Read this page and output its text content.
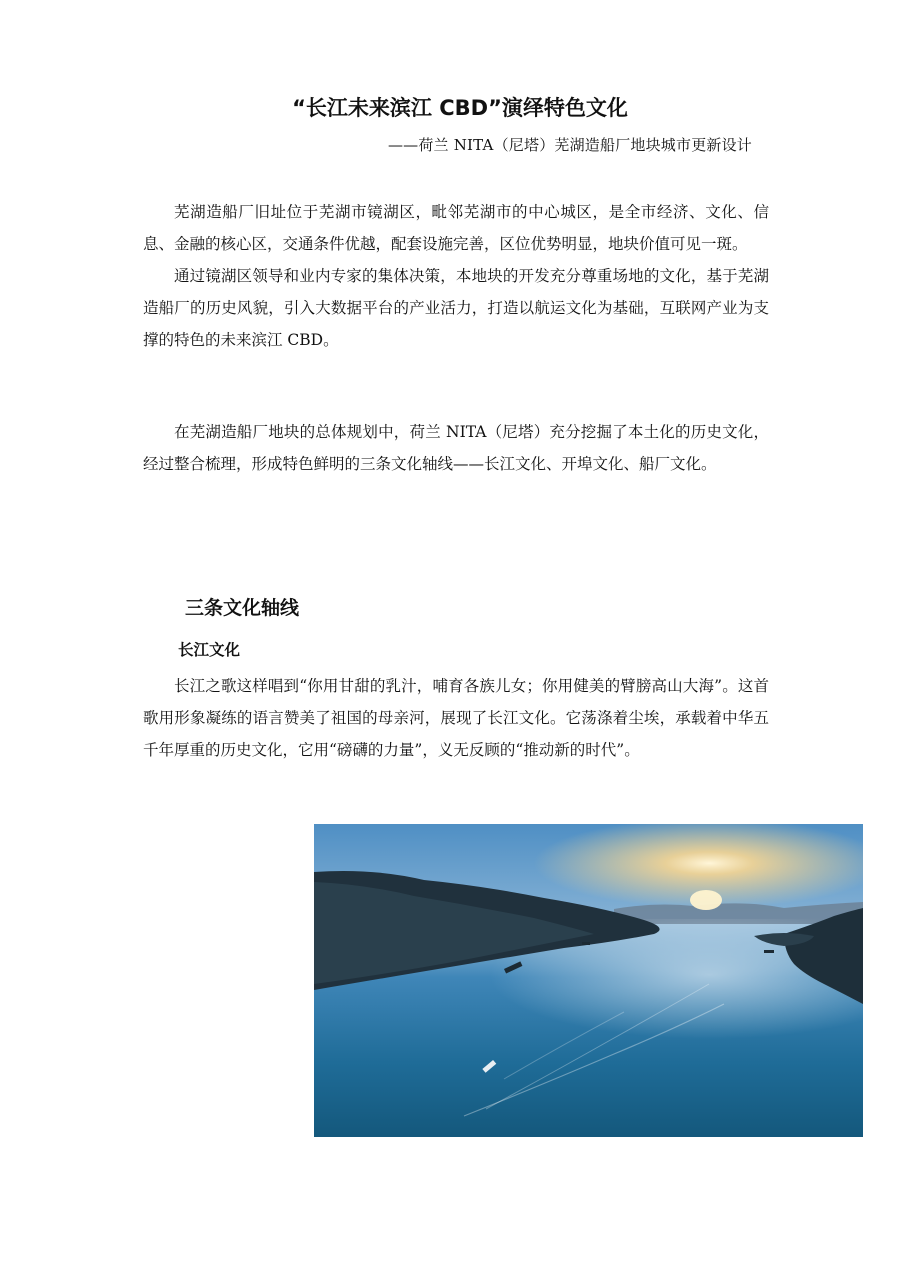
“长江未来滨江 CBD”演绎特色文化
——荷兰 NITA（尼塔）芜湖造船厂地块城市更新设计

芜湖造船厂旧址位于芜湖市镜湖区，毗邻芜湖市的中心城区，是全市经济、文化、信息、金融的核心区，交通条件优越，配套设施完善，区位优势明显，地块价值可见一斑。

通过镜湖区领导和业内专家的集体决策，本地块的开发充分尊重场地的文化，基于芜湖造船厂的历史风貌，引入大数据平台的产业活力，打造以航运文化为基础，互联网产业为支撑的特色的未来滨江 CBD。

在芜湖造船厂地块的总体规划中，荷兰 NITA（尼塔）充分挖掘了本土化的历史文化，经过整合梳理，形成特色鲜明的三条文化轴线——长江文化、开埠文化、船厂文化。

三条文化轴线
长江文化

长江之歌这样唱到“你用甘甜的乳汁，哺育各族儿女；你用健美的臂膀高山大海”。这首歌用形象凝练的语言赞美了祖国的母亲河，展现了长江文化。它荡涤着尘埃，承载着中华五千年厚重的历史文化，它用“磅礴的力量”，义无反顾的“推动新的时代”。
